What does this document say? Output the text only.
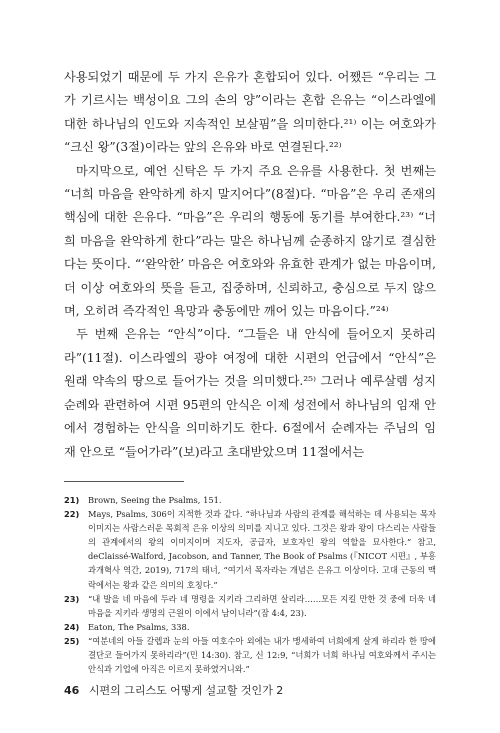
사용되었기 때문에 두 가지 은유가 혼합되어 있다. 어쨌든 “우리는 그가 기르시는 백성이요 그의 손의 양”이라는 혼합 은유는 “이스라엘에 대한 하나님의 인도와 지속적인 보살핌”을 의미한다.²¹⁾ 이는 여호와가 “크신 왕”(3절)이라는 앞의 은유와 바로 연결된다.²²⁾

마지막으로, 예언 신탁은 두 가지 주요 은유를 사용한다. 첫 번째는 “너희 마음을 완악하게 하지 말지어다”(8절)다. “마음”은 우리 존재의 핵심에 대한 은유다. “마음”은 우리의 행동에 동기를 부여한다.²³⁾ “너희 마음을 완악하게 한다”라는 말은 하나님께 순종하지 않기로 결심한다는 뜻이다. “‘완악한’ 마음은 여호와와 유효한 관계가 없는 마음이며, 더 이상 여호와의 뜻을 듣고, 집중하며, 신뢰하고, 충심으로 두지 않으며, 오히려 즉각적인 욕망과 충동에만 깨어 있는 마음이다.”²⁴⁾

두 번째 은유는 “안식”이다. “그들은 내 안식에 들어오지 못하리라”(11절). 이스라엘의 광야 여정에 대한 시편의 언급에서 “안식”은 원래 약속의 땅으로 들어가는 것을 의미했다.²⁵⁾ 그러나 예루살렘 성지 순례와 관련하여 시편 95편의 안식은 이제 성전에서 하나님의 임재 안에서 경험하는 안식을 의미하기도 한다. 6절에서 순례자는 주님의 임재 안으로 “들어가라”(보)라고 초대받았으며 11절에서는

21)	Brown, Seeing the Psalms, 151.
22)	Mays, Psalms, 306이 지적한 것과 같다. “하나님과 사람의 관계를 해석하는 데 사용되는 목자 이미지는 사람스러운 목회적 은유 이상의 의미를 지니고 있다. 그것은 왕과 왕이 다스리는 사람들의 관계에서의 왕의 이미지이며 지도자, 공급자, 보호자인 왕의 역할을 묘사한다.” 참고, deClaissé-Walford, Jacobson, and Tanner, The Book of Psalms (『NICOT 시편』, 부흥과개혁사 역간, 2019), 717의 태너, “여기서 목자라는 개념은 은유그 이상이다. 고대 근동의 맥락에서는 왕과 같은 의미의 호칭다.”
23)	“내 발을 네 마음에 두라 네 명령을 지키라 그리하면 살리라……모든 지킬 만한 것 중에 더욱 네 마음을 지키라 생명의 근원이 이에서 남이니라”(잠 4:4, 23).
24)	Eaton, The Psalms, 338.
25)	“여분네의 아들 갈렙과 눈의 아들 여호수아 외에는 내가 맹세하여 너희에게 살게 하리라 한 땅에 결단코 들어가지 못하리라”(민 14:30). 참고, 신 12:9, “너희가 너희 하나님 여호와께서 주시는 안식과 기업에 아직은 이르지 못하였거니와.”
46 시편의 그리스도 어떻게 설교할 것인가 2
